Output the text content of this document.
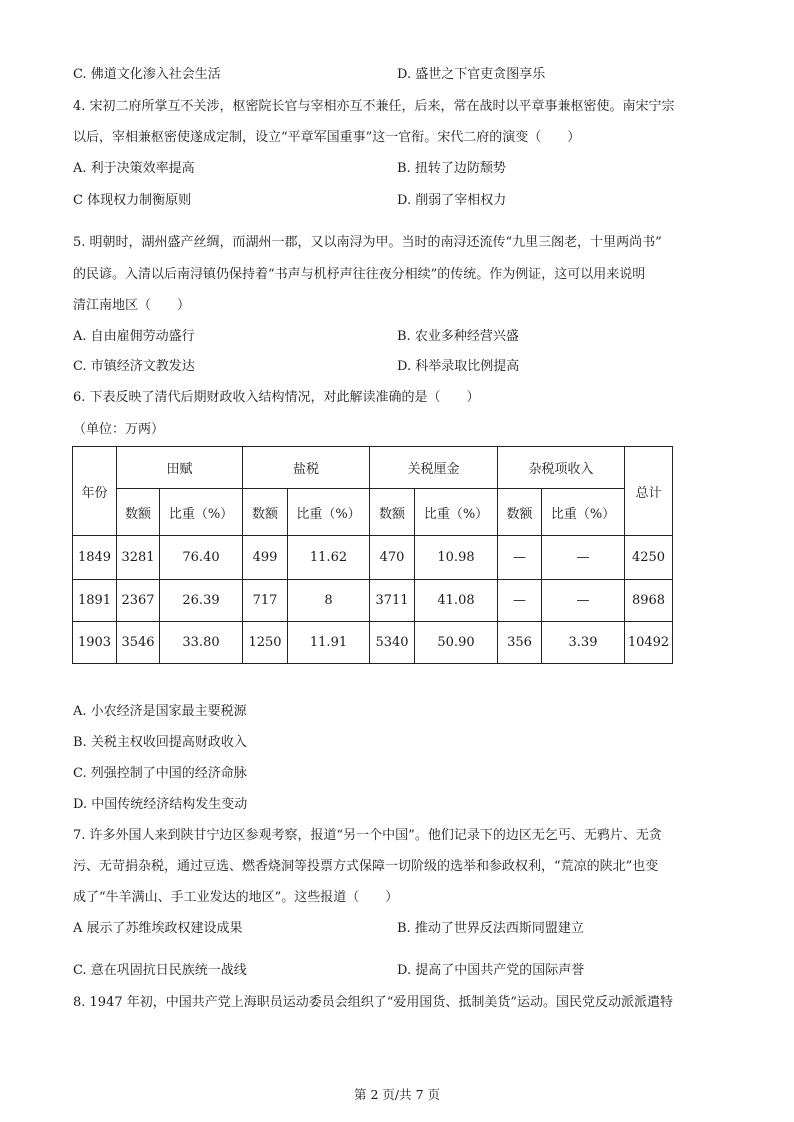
C. 佛道文化渗入社会生活	D. 盛世之下官吏贪图享乐
4. 宋初二府所掌互不关涉，枢密院长官与宰相亦互不兼任，后来，常在战时以平章事兼枢密使。南宋宁宗
以后，宰相兼枢密使遂成定制，设立“平章军国重事”这一官衔。宋代二府的演变（　　）
A. 利于决策效率提高	B. 扭转了边防颓势
C 体现权力制衡原则	D. 削弱了宰相权力
5. 明朝时，湖州盛产丝绸，而湖州一郡，又以南浔为甲。当时的南浔还流传“九里三阁老，十里两尚书”
的民谚。入清以后南浔镇仍保持着“书声与机杼声往往夜分相续”的传统。作为例证，这可以用来说明
清江南地区（　　）
A. 自由雇佣劳动盛行	B. 农业多种经营兴盛
C. 市镇经济文教发达	D. 科举录取比例提高
6. 下表反映了清代后期财政收入结构情况，对此解读准确的是（　　）
（单位：万两）
年份	田赋		盐税		关税厘金		杂税项收入		总计
	数额	比重（%）	数额	比重（%）	数额	比重（%）	数额	比重（%）	
1849	3281	76.40	499	11.62	470	10.98	—	—	4250
1891	2367	26.39	717	8	3711	41.08	—	—	8968
1903	3546	33.80	1250	11.91	5340	50.90	356	3.39	10492
A. 小农经济是国家最主要税源
B. 关税主权收回提高财政收入
C. 列强控制了中国的经济命脉
D. 中国传统经济结构发生变动
7. 许多外国人来到陕甘宁边区参观考察，报道“另一个中国”。他们记录下的边区无乞丐、无鸦片、无贪
污、无苛捐杂税，通过豆选、燃香烧洞等投票方式保障一切阶级的选举和参政权利，“荒凉的陕北”也变
成了“牛羊满山、手工业发达的地区”。这些报道（　　）
A 展示了苏维埃政权建设成果	B. 推动了世界反法西斯同盟建立
C. 意在巩固抗日民族统一战线	D. 提高了中国共产党的国际声誉
8. 1947 年初，中国共产党上海职员运动委员会组织了“爱用国货、抵制美货”运动。国民党反动派派遣特
第 2 页/共 7 页
